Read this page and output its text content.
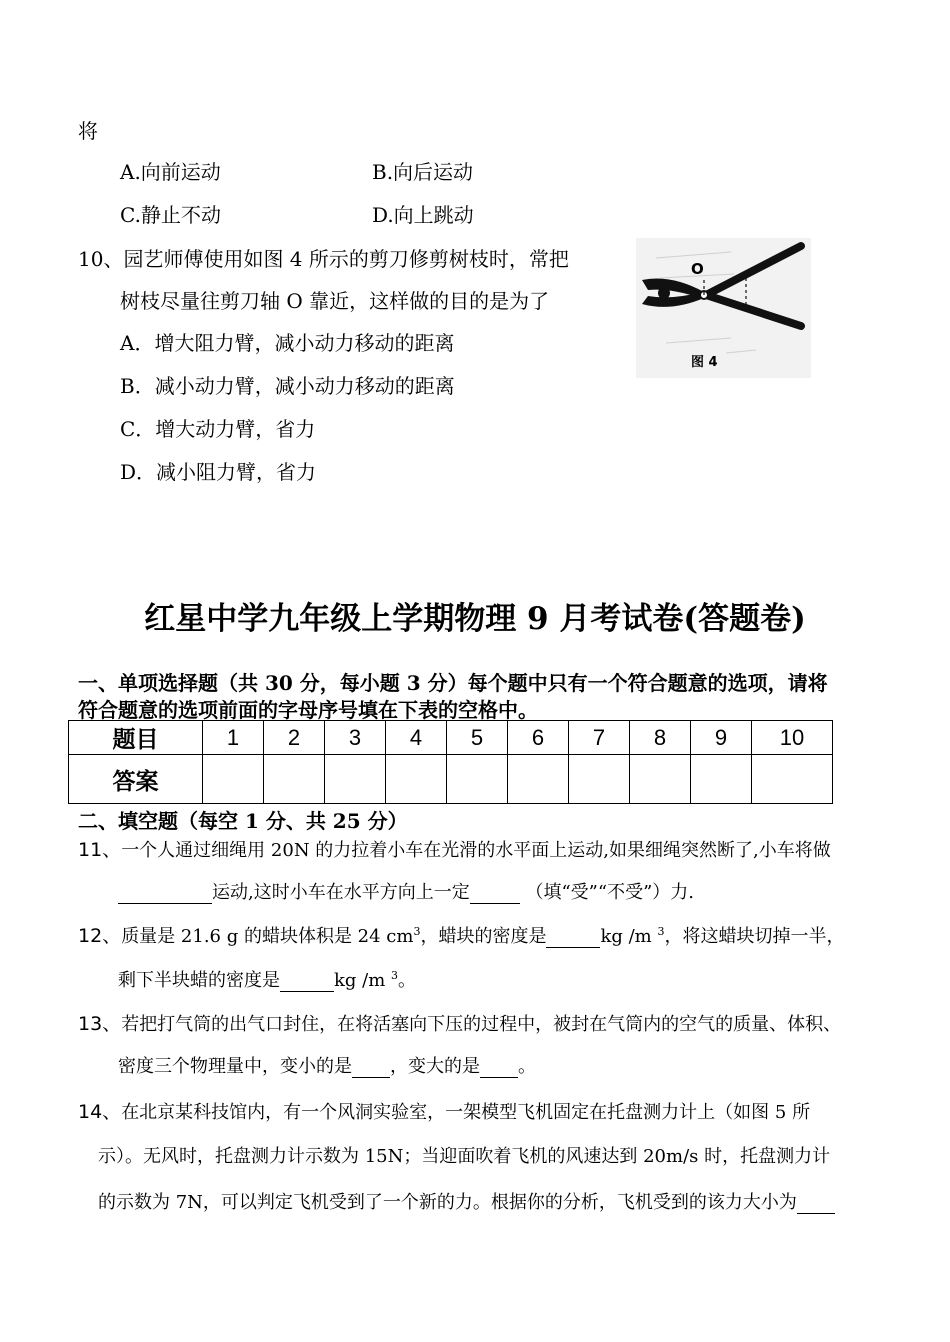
将
A.向前运动	B.向后运动
C.静止不动	D.向上跳动
10、园艺师傅使用如图 4 所示的剪刀修剪树枝时，常把
树枝尽量往剪刀轴 O 靠近，这样做的目的是为了
A．增大阻力臂，减小动力移动的距离
B．减小动力臂，减小动力移动的距离
C．增大动力臂，省力
D．减小阻力臂，省力
O
图 4
红星中学九年级上学期物理 9 月考试卷(答题卷)
一、单项选择题（共 30 分，每小题 3 分）每个题中只有一个符合题意的选项，请将
符合题意的选项前面的字母序号填在下表的空格中。
题目	1	2	3	4	5	6	7	8	9	10
答案										
二、填空题（每空 1 分、共 25 分）
11、一个人通过细绳用 20N 的力拉着小车在光滑的水平面上运动,如果细绳突然断了,小车将做
运动,这时小车在水平方向上一定	（填“受”“不受”）力.
12、质量是 21.6 g 的蜡块体积是 24 $cm^3$，蜡块的密度是	kg /m $^3$，将这蜡块切掉一半，
剩下半块蜡的密度是	kg /m $^3$。
13、若把打气筒的出气口封住，在将活塞向下压的过程中，被封在气筒内的空气的质量、体积、
密度三个物理量中，变小的是 ，变大的是 。
14、在北京某科技馆内，有一个风洞实验室，一架模型飞机固定在托盘测力计上（如图 5 所
示）。无风时，托盘测力计示数为 15N；当迎面吹着飞机的风速达到 20m/s 时，托盘测力计
的示数为 7N，可以判定飞机受到了一个新的力。根据你的分析，飞机受到的该力大小为
